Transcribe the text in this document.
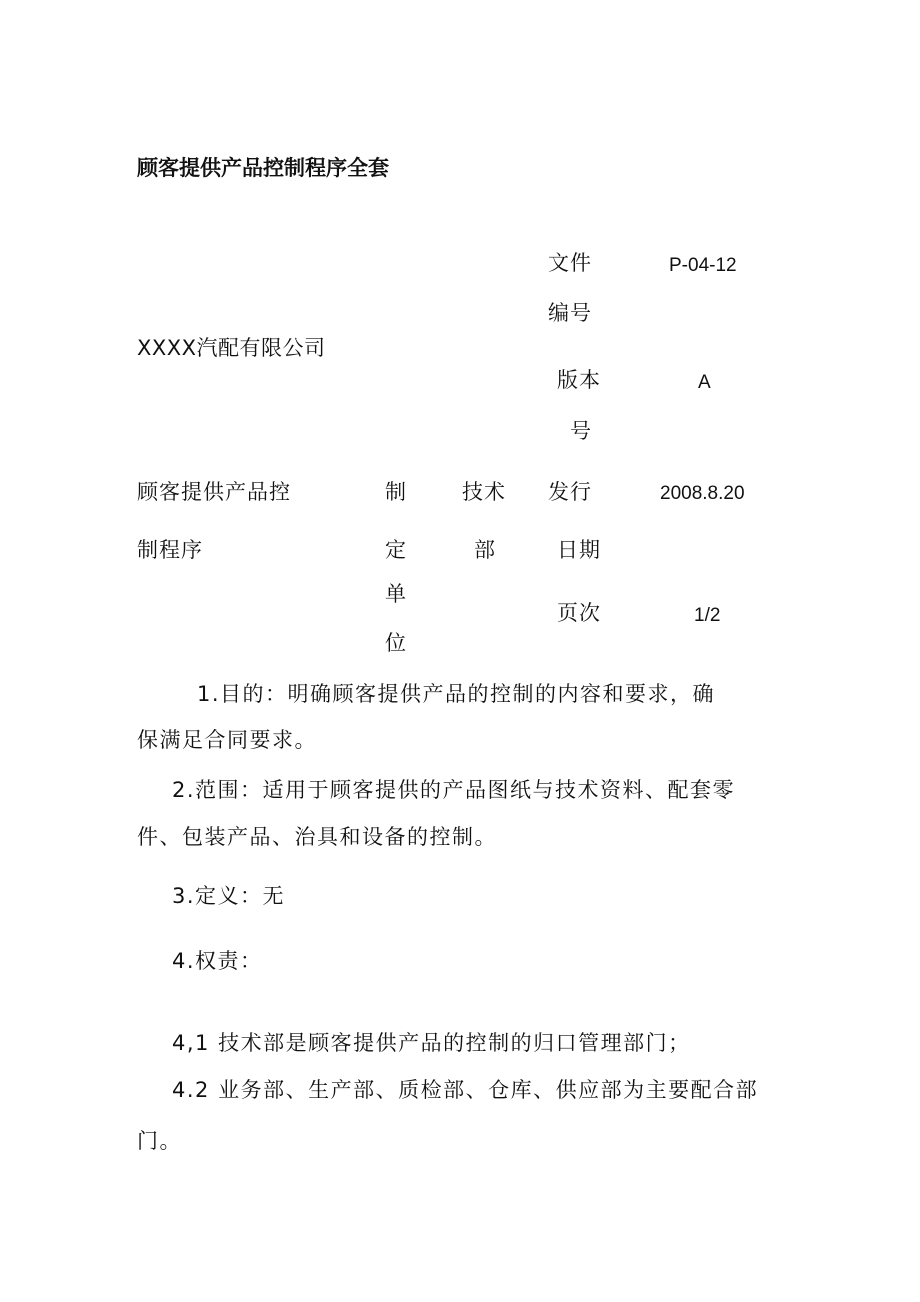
顾客提供产品控制程序全套
文件
编号
P-04-12
XXXX汽配有限公司
版本
号
A
顾客提供产品控
制程序
制
定
单
位
技术
部
发行
日期
2008.8.20
页次	1/2
1.目的：明确顾客提供产品的控制的内容和要求，确
保满足合同要求。
2.范围：适用于顾客提供的产品图纸与技术资料、配套零
件、包装产品、治具和设备的控制。
3.定义：无
4.权责：
4,1 技术部是顾客提供产品的控制的归口管理部门；
4.2 业务部、生产部、质检部、仓库、供应部为主要配合部
门。
